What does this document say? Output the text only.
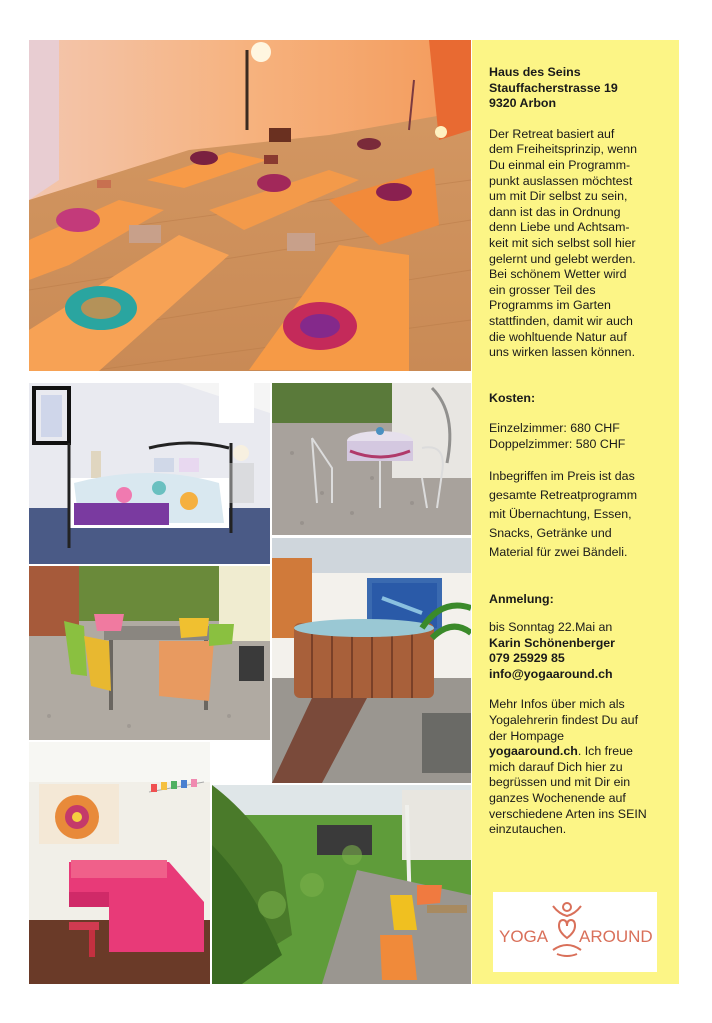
Haus des Seins
Stauffacherstrasse 19
9320 Arbon
Der Retreat basiert auf
dem Freiheitsprinzip, wenn
Du einmal ein Programm-
punkt auslassen möchtest
um mit Dir selbst zu sein,
dann ist das in Ordnung
denn Liebe und Achtsam-
keit mit sich selbst soll hier
gelernt und gelebt werden.
Bei schönem Wetter wird
ein grosser Teil des
Programms im Garten
stattfinden, damit wir auch
die wohltuende Natur auf
uns wirken lassen können.
Kosten:
Einzelzimmer: 680 CHF
Doppelzimmer: 580 CHF
Inbegriffen im Preis ist das
gesamte Retreatprogramm
mit Übernachtung, Essen,
Snacks, Getränke und
Material für zwei Bändeli.
Anmelung:
bis Sonntag 22.Mai an
Karin Schönenberger
079 25929 85
info@yogaaround.ch
Mehr Infos über mich als
Yogalehrerin findest Du auf
der Hompage
yogaaround.ch. Ich freue
mich darauf Dich hier zu
begrüssen und mit Dir ein
ganzes Wochenende auf
verschiedene Arten ins SEIN
einzutauchen.
YOGA AROUND
